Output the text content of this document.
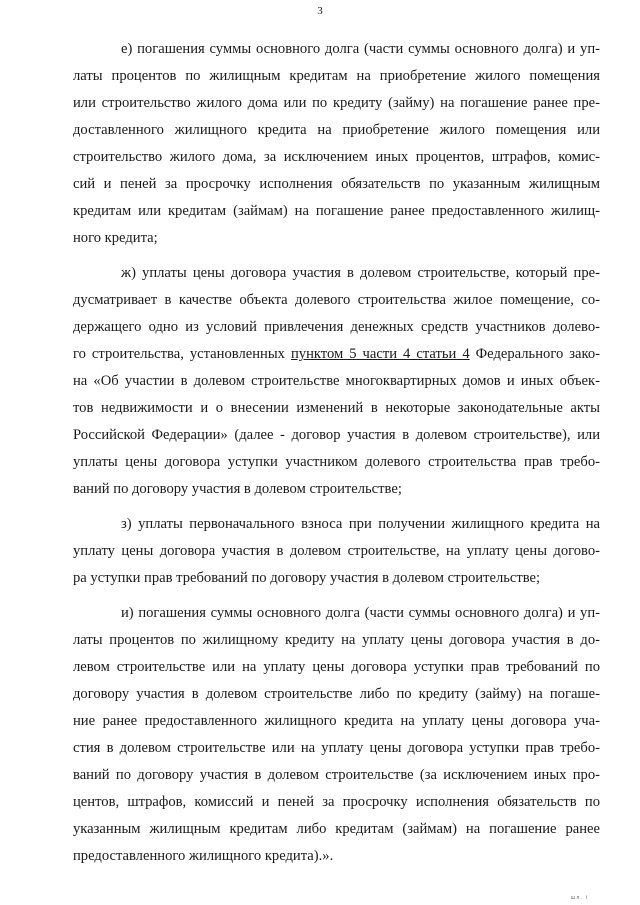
3

е) погашения суммы основного долга (части суммы основного долга) и уп-
латы процентов по жилищным кредитам на приобретение жилого помещения
или строительство жилого дома или по кредиту (займу) на погашение ранее пре-
доставленного жилищного кредита на приобретение жилого помещения или
строительство жилого дома, за исключением иных процентов, штрафов, комис-
сий и пеней за просрочку исполнения обязательств по указанным жилищным
кредитам или кредитам (займам) на погашение ранее предоставленного жилищ-
ного кредита;

ж) уплаты цены договора участия в долевом строительстве, который пре-
дусматривает в качестве объекта долевого строительства жилое помещение, со-
держащего одно из условий привлечения денежных средств участников долево-
го строительства, установленных пунктом 5 части 4 статьи 4 Федерального зако-
на «Об участии в долевом строительстве многоквартирных домов и иных объек-
тов недвижимости и о внесении изменений в некоторые законодательные акты
Российской Федерации» (далее - договор участия в долевом строительстве), или
уплаты цены договора уступки участником долевого строительства прав требо-
ваний по договору участия в долевом строительстве;

з) уплаты первоначального взноса при получении жилищного кредита на
уплату цены договора участия в долевом строительстве, на уплату цены догово-
ра уступки прав требований по договору участия в долевом строительстве;

и) погашения суммы основного долга (части суммы основного долга) и уп-
латы процентов по жилищному кредиту на уплату цены договора участия в до-
левом строительстве или на уплату цены договора уступки прав требований по
договору участия в долевом строительстве либо по кредиту (займу) на погаше-
ние ранее предоставленного жилищного кредита на уплату цены договора уча-
стия в долевом строительстве или на уплату цены договора уступки прав требо-
ваний по договору участия в долевом строительстве (за исключением иных про-
центов, штрафов, комиссий и пеней за просрочку исполнения обязательств по
указанным жилищным кредитам либо кредитам (займам) на погашение ранее
предоставленного жилищного кредита).».

шл. і
